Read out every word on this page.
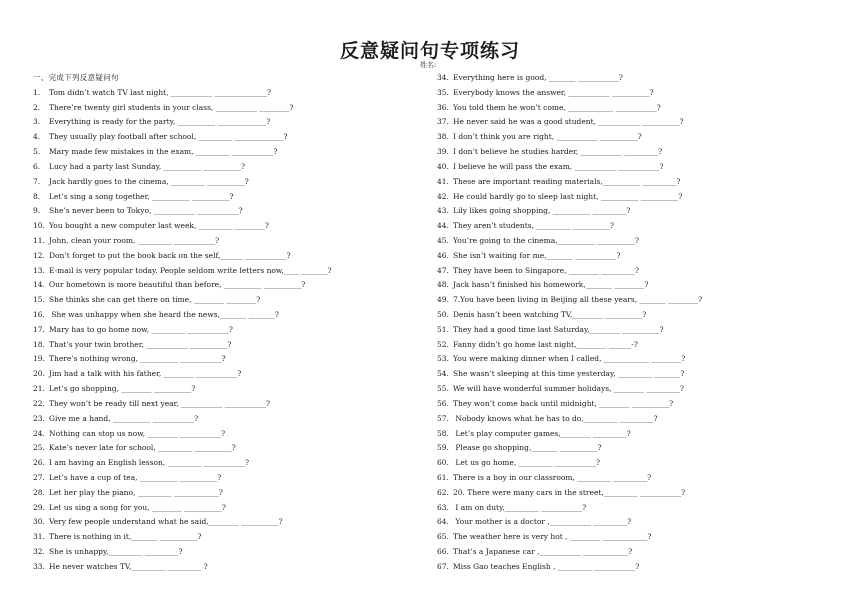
反意疑问句专项练习
姓名:
一、完成下列反意疑问句
1. Tom didn’t watch TV last night, ___________ ______________?
2. There’re twenty girl students in your class, ___________ ________?
3. Everything is ready for the party, __________ _____________?
4. They usually play football after school, _________ _____________?
5. Mary made few mistakes in the exam, _________ ___________?
6. Lucy had a party last Sunday, __________ __________?
7. Jack hardly goes to the cinema, _________ __________?
8. Let’s sing a song together, __________ __________?
9. She’s never been to Tokyo, ___________ ___________?
10. You bought a new computer last week, _________ ________?
11. John, clean your room, _________ ___________?
12. Don’t forget to put the book back on the self,______ ___________?
13. E-mail is very popular today. People seldom write letters now,____ _______?
14. Our hometown is more beautiful than before, __________ __________?
15. She thinks she can get there on time, ________ ________?
16. She was unhappy when she heard the news,_______ _______?
17. Mary has to go home now, _________ ___________?
18. That’s your twin brother, ___________ __________?
19. There’s nothing wrong, __________ ___________?
20. Jim had a talk with his father, ________ ___________?
21. Let’s go shopping, ________ __________?
22. They won’t be ready till next year, ___________ ___________?
23. Give me a hand, __________ ___________?
24. Nothing can stop us now, ________ ___________?
25. Kate’s never late for school, _________ __________?
26. I am having an English lesson, _________ ___________?
27. Let’s have a cup of tea, __________ __________?
28. Let her play the piano, _________ ____________?
29. Let us sing a song for you, ________ __________?
30. Very few people understand what he said,________ __________?
31. There is nothing in it,_______ __________?
32. She is unhappy,_________ _________?
33. He never watches TV,_________ _________ ?
34. Everything here is good, _______ ___________?
35. Everybody knows the answer, ___________ __________?
36. You told them he won’t come, ____________ ___________?
37. He never said he was a good student, ___________ __________?
38. I don’t think you are right, ___________ __________?
39. I don’t believe he studies harder, ___________ _________?
40. I believe he will pass the exam, ___________ ___________?
41. These are important reading materials,__________ _________?
42. He could hardly go to sleep last night, __________ __________?
43. Lily likes going shopping, __________ _________?
44. They aren’t students, _________ __________?
45. You’re going to the cinema,__________ __________?
46. She isn’t waiting for me,_______ ___________?
47. They have been to Singapore, ________ _________?
48. Jack hasn’t finished his homework,_______ ________?
49. 7.You have been living in Beijing all these years, _______ ________?
50. Denis hasn’t been watching TV,________ __________?
51. They had a good time last Saturday,________ __________?
52. Fanny didn’t go home last night,________ ______-?
53. You were making dinner when I called, ____________ ________?
54. She wasn’t sleeping at this time yesterday, _________ _______?
55. We will have wonderful summer holidays, ________ _________?
56. They won’t come back until midnight, ________ __________?
57. Nobody knows what he has to do,_________ _________?
58. Let’s play computer games,________ _________?
59. Please go shopping,_______ __________?
60. Let us go home, _________ ___________?
61. There is a boy in our classroom, _________ _________?
62. 20. There were many cars in the street,_________ ___________?
63. I am on duty,_________ ___________?
64. Your mother is a doctor ,___________ _________?
65. The weather here is very hot , ________ ____________?
66. That’s a Japanese car ,___________ ____________?
67. Miss Gao teaches English , _________ ___________?
